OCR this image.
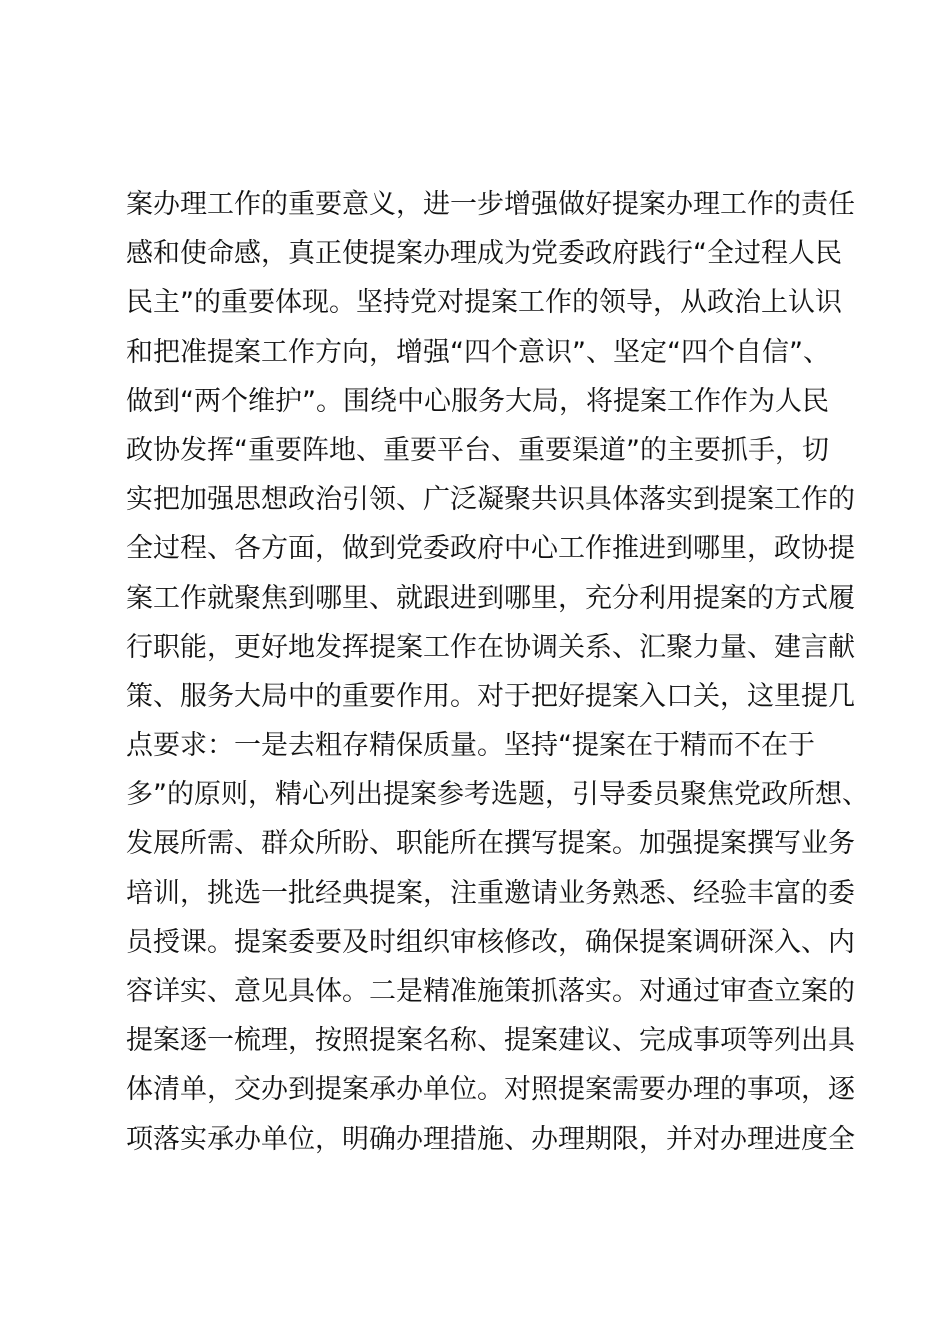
案办理工作的重要意义，进一步增强做好提案办理工作的责任
感和使命感，真正使提案办理成为党委政府践行“全过程人民
民主”的重要体现。坚持党对提案工作的领导，从政治上认识
和把准提案工作方向，增强“四个意识”、坚定“四个自信”、
做到“两个维护”。围绕中心服务大局，将提案工作作为人民
政协发挥“重要阵地、重要平台、重要渠道”的主要抓手，切
实把加强思想政治引领、广泛凝聚共识具体落实到提案工作的
全过程、各方面，做到党委政府中心工作推进到哪里，政协提
案工作就聚焦到哪里、就跟进到哪里，充分利用提案的方式履
行职能，更好地发挥提案工作在协调关系、汇聚力量、建言献
策、服务大局中的重要作用。对于把好提案入口关，这里提几
点要求：一是去粗存精保质量。坚持“提案在于精而不在于
多”的原则，精心列出提案参考选题，引导委员聚焦党政所想、
发展所需、群众所盼、职能所在撰写提案。加强提案撰写业务
培训，挑选一批经典提案，注重邀请业务熟悉、经验丰富的委
员授课。提案委要及时组织审核修改，确保提案调研深入、内
容详实、意见具体。二是精准施策抓落实。对通过审查立案的
提案逐一梳理，按照提案名称、提案建议、完成事项等列出具
体清单，交办到提案承办单位。对照提案需要办理的事项，逐
项落实承办单位，明确办理措施、办理期限，并对办理进度全
